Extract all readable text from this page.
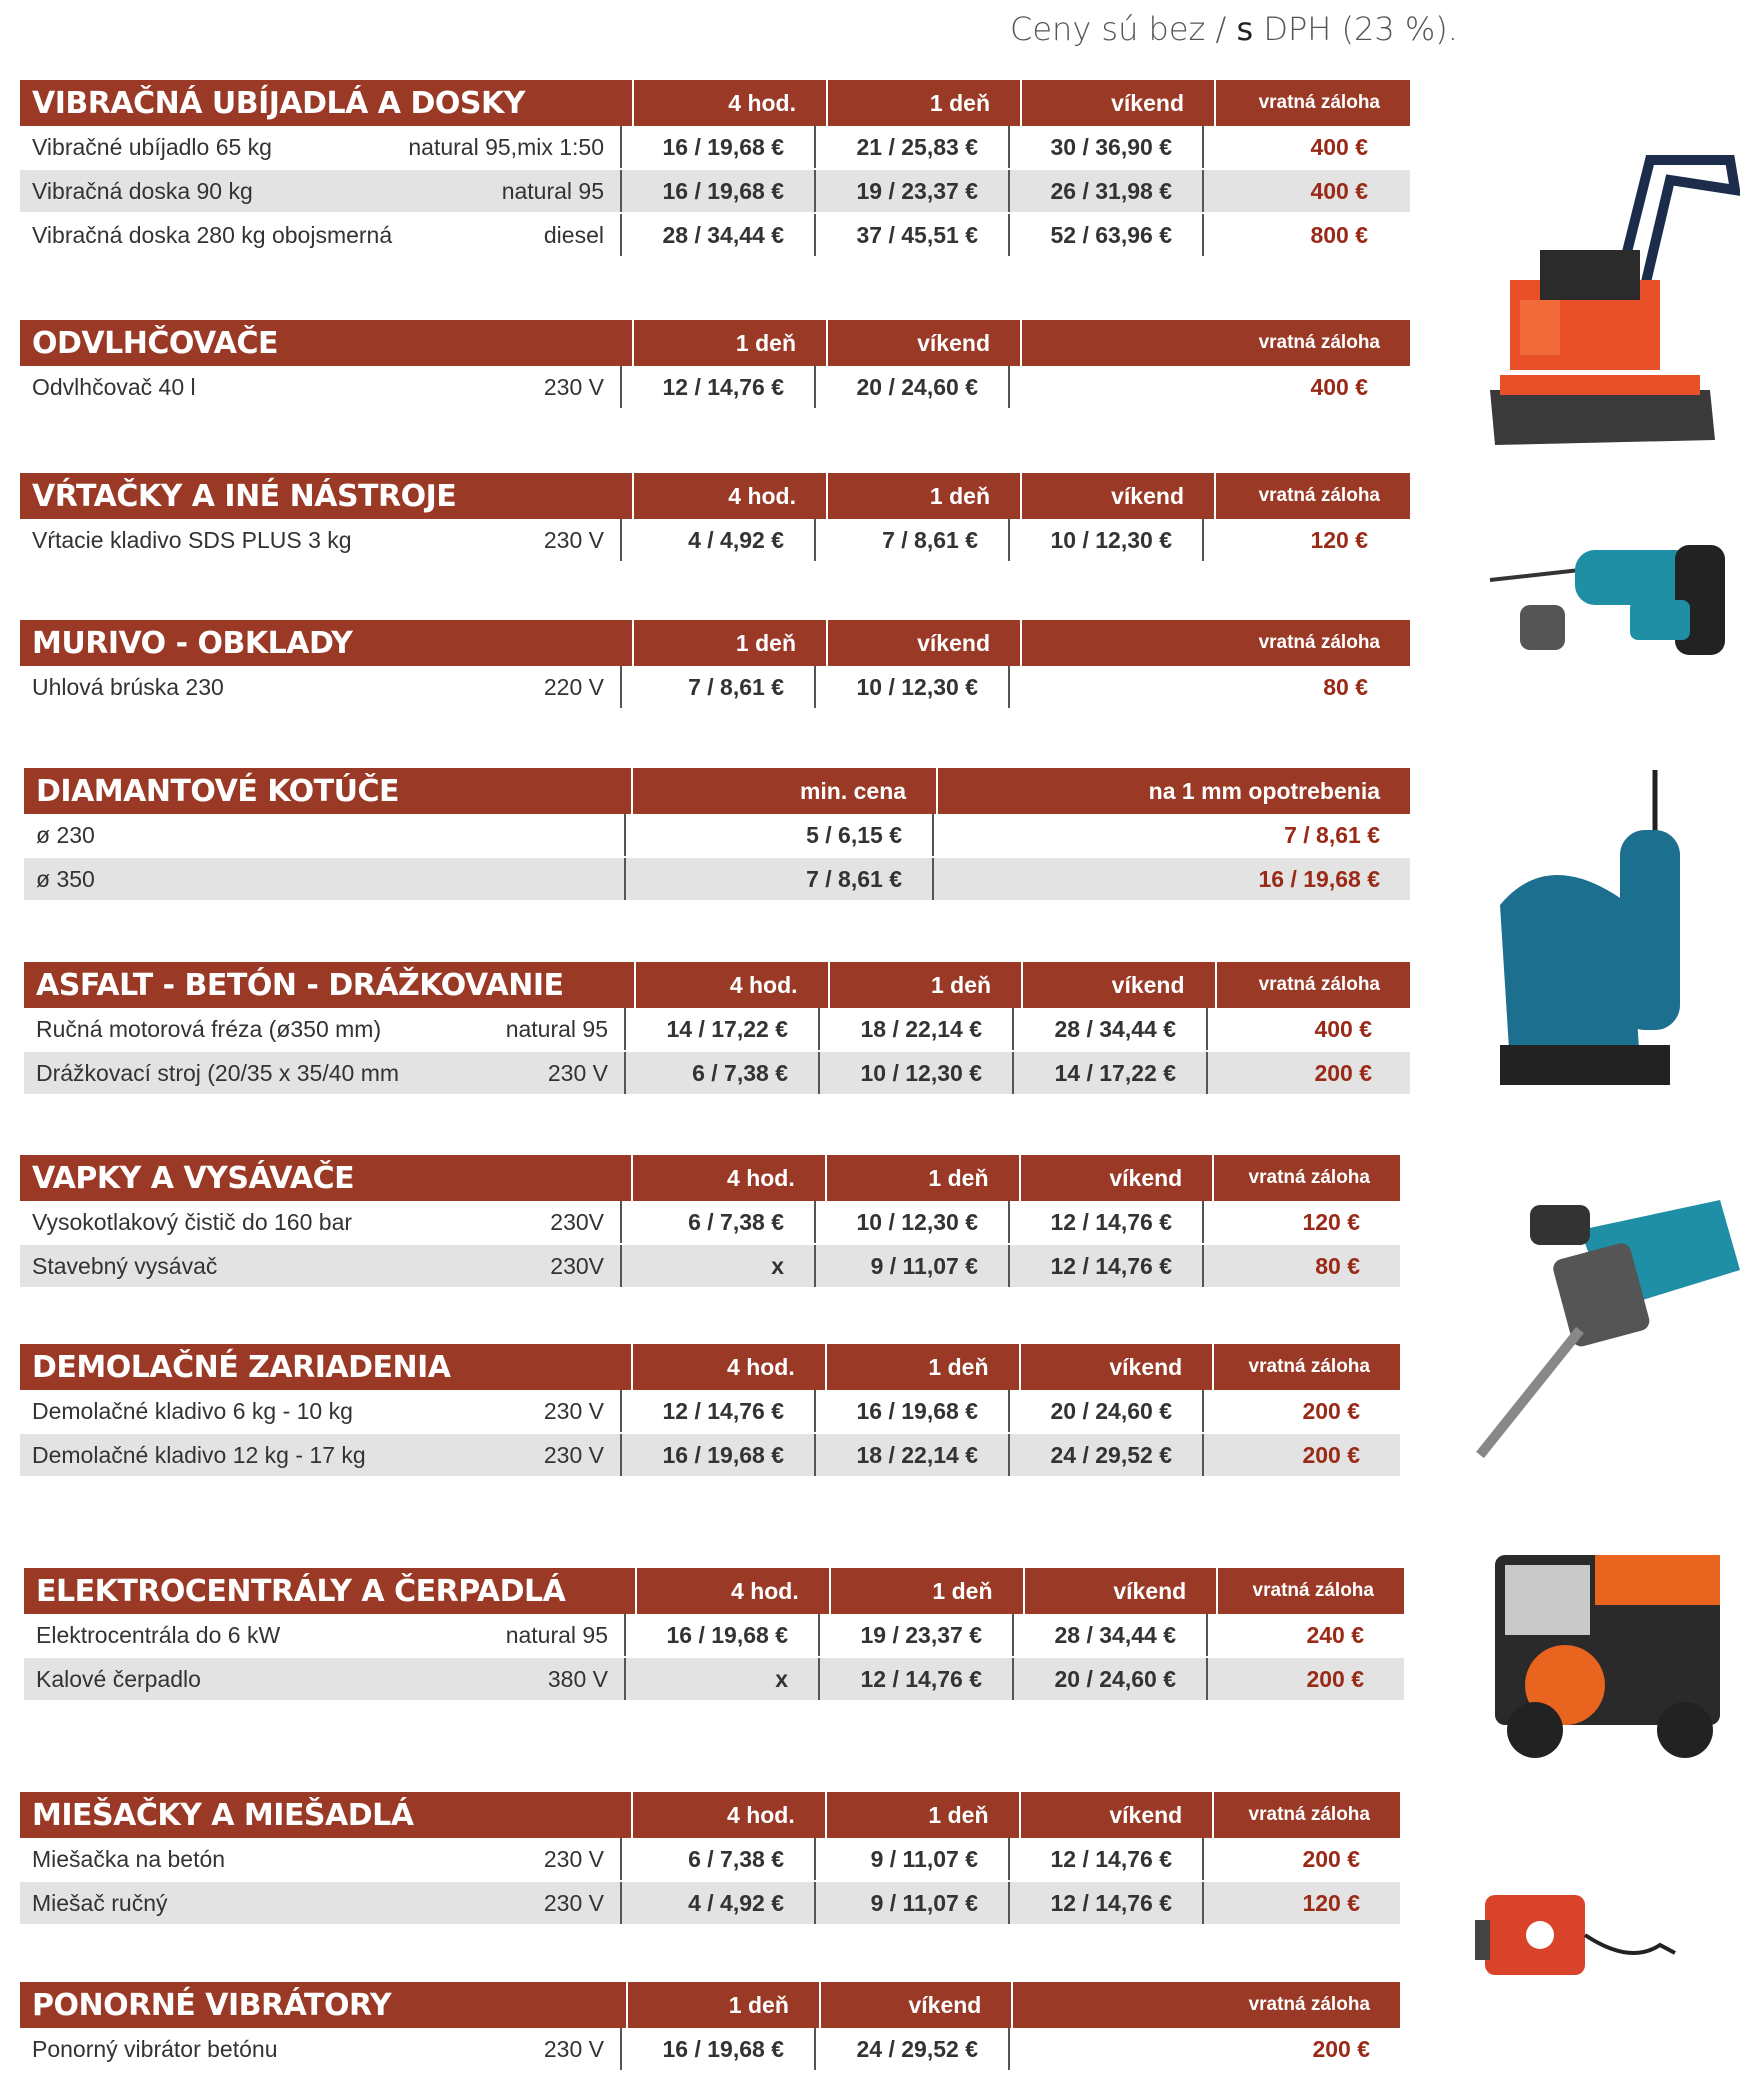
Ceny sú bez / s DPH (23 %).
VIBRAČNÁ UBÍJADLÁ A DOSKY	4 hod.	1 deň	víkend	vratná záloha
Vibračné ubíjadlo 65 kg	natural 95,mix 1:50	16 / 19,68 €	21 / 25,83 €	30 / 36,90 €	400 €
Vibračná doska 90 kg	natural 95	16 / 19,68 €	19 / 23,37 €	26 / 31,98 €	400 €
Vibračná doska 280 kg obojsmerná	diesel	28 / 34,44 €	37 / 45,51 €	52 / 63,96 €	800 €
ODVLHČOVAČE	1 deň	víkend	vratná záloha
Odvlhčovač 40 l	230 V	12 / 14,76 €	20 / 24,60 €	400 €
VŔTAČKY A INÉ NÁSTROJE	4 hod.	1 deň	víkend	vratná záloha
Vŕtacie kladivo SDS PLUS 3 kg	230 V	4 / 4,92 €	7 / 8,61 €	10 / 12,30 €	120 €
MURIVO - OBKLADY	1 deň	víkend	vratná záloha
Uhlová brúska 230	220 V	7 / 8,61 €	10 / 12,30 €	80 €
DIAMANTOVÉ KOTÚČE	min. cena	na 1 mm opotrebenia
ø 230	5 / 6,15 €	7 / 8,61 €
ø 350	7 / 8,61 €	16 / 19,68 €
ASFALT - BETÓN - DRÁŽKOVANIE	4 hod.	1 deň	víkend	vratná záloha
Ručná motorová fréza (ø350 mm)	natural 95	14 / 17,22 €	18 / 22,14 €	28 / 34,44 €	400 €
Drážkovací stroj (20/35 x 35/40 mm	230 V	6 / 7,38 €	10 / 12,30 €	14 / 17,22 €	200 €
VAPKY A VYSÁVAČE	4 hod.	1 deň	víkend	vratná záloha
Vysokotlakový čistič do 160 bar	230V	6 / 7,38 €	10 / 12,30 €	12 / 14,76 €	120 €
Stavebný vysávač	230V	x	9 / 11,07 €	12 / 14,76 €	80 €
DEMOLAČNÉ ZARIADENIA	4 hod.	1 deň	víkend	vratná záloha
Demolačné kladivo 6 kg - 10 kg	230 V	12 / 14,76 €	16 / 19,68 €	20 / 24,60 €	200 €
Demolačné kladivo 12 kg - 17 kg	230 V	16 / 19,68 €	18 / 22,14 €	24 / 29,52 €	200 €
ELEKTROCENTRÁLY A ČERPADLÁ	4 hod.	1 deň	víkend	vratná záloha
Elektrocentrála do 6 kW	natural 95	16 / 19,68 €	19 / 23,37 €	28 / 34,44 €	240 €
Kalové čerpadlo	380 V	x	12 / 14,76 €	20 / 24,60 €	200 €
MIEŠAČKY A MIEŠADLÁ	4 hod.	1 deň	víkend	vratná záloha
Miešačka na betón	230 V	6 / 7,38 €	9 / 11,07 €	12 / 14,76 €	200 €
Miešač ručný	230 V	4 / 4,92 €	9 / 11,07 €	12 / 14,76 €	120 €
PONORNÉ VIBRÁTORY	1 deň	víkend	vratná záloha
Ponorný vibrátor betónu	230 V	16 / 19,68 €	24 / 29,52 €	200 €
